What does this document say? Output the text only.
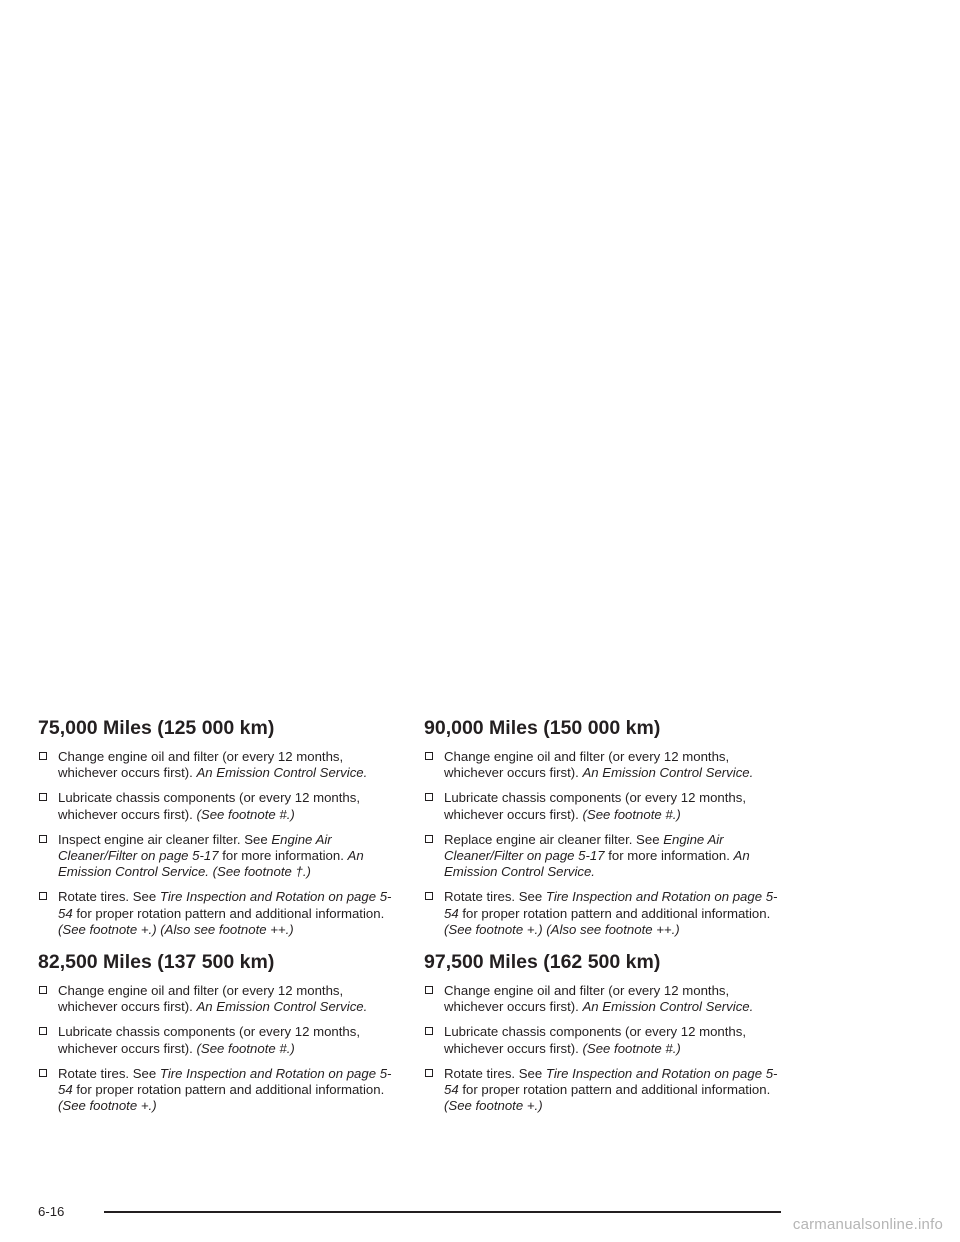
75,000 Miles (125 000 km)
Change engine oil and filter (or every 12 months, whichever occurs first). An Emission Control Service.
Lubricate chassis components (or every 12 months, whichever occurs first). (See footnote #.)
Inspect engine air cleaner filter. See Engine Air Cleaner/Filter on page 5-17 for more information. An Emission Control Service. (See footnote †.)
Rotate tires. See Tire Inspection and Rotation on page 5-54 for proper rotation pattern and additional information. (See footnote +.) (Also see footnote ++.)
82,500 Miles (137 500 km)
Change engine oil and filter (or every 12 months, whichever occurs first). An Emission Control Service.
Lubricate chassis components (or every 12 months, whichever occurs first). (See footnote #.)
Rotate tires. See Tire Inspection and Rotation on page 5-54 for proper rotation pattern and additional information. (See footnote +.)
90,000 Miles (150 000 km)
Change engine oil and filter (or every 12 months, whichever occurs first). An Emission Control Service.
Lubricate chassis components (or every 12 months, whichever occurs first). (See footnote #.)
Replace engine air cleaner filter. See Engine Air Cleaner/Filter on page 5-17 for more information. An Emission Control Service.
Rotate tires. See Tire Inspection and Rotation on page 5-54 for proper rotation pattern and additional information. (See footnote +.) (Also see footnote ++.)
97,500 Miles (162 500 km)
Change engine oil and filter (or every 12 months, whichever occurs first). An Emission Control Service.
Lubricate chassis components (or every 12 months, whichever occurs first). (See footnote #.)
Rotate tires. See Tire Inspection and Rotation on page 5-54 for proper rotation pattern and additional information. (See footnote +.)
6-16
carmanualsonline.info
